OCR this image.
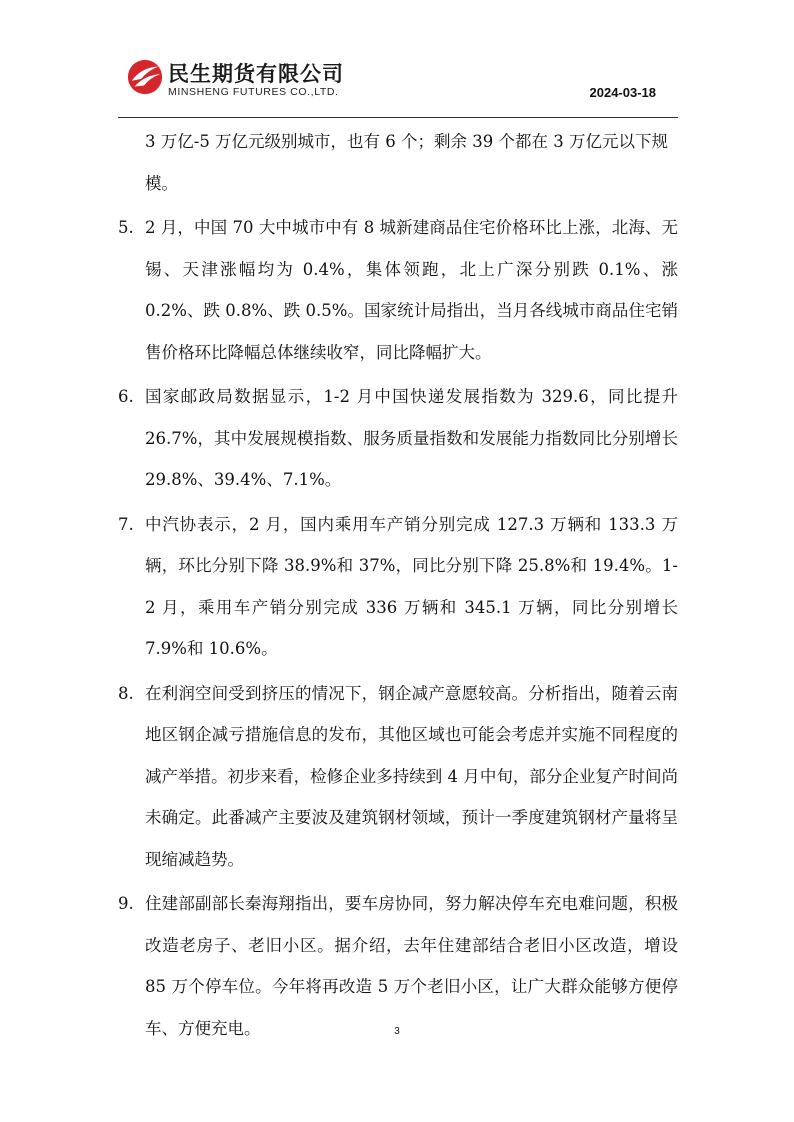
民生期货有限公司
MINSHENG FUTURES CO.,LTD.	2024-03-18

3 万亿-5 万亿元级别城市，也有 6 个；剩余 39 个都在 3 万亿元以下规模。

5. 2 月，中国 70 大中城市中有 8 城新建商品住宅价格环比上涨，北海、无锡、天津涨幅均为 0.4%，集体领跑，北上广深分别跌 0.1%、涨 0.2%、跌 0.8%、跌 0.5%。国家统计局指出，当月各线城市商品住宅销售价格环比降幅总体继续收窄，同比降幅扩大。

6. 国家邮政局数据显示，1-2 月中国快递发展指数为 329.6，同比提升 26.7%，其中发展规模指数、服务质量指数和发展能力指数同比分别增长 29.8%、39.4%、7.1%。

7. 中汽协表示，2 月，国内乘用车产销分别完成 127.3 万辆和 133.3 万辆，环比分别下降 38.9%和 37%，同比分别下降 25.8%和 19.4%。1-2 月，乘用车产销分别完成 336 万辆和 345.1 万辆，同比分别增长 7.9%和 10.6%。

8. 在利润空间受到挤压的情况下，钢企减产意愿较高。分析指出，随着云南地区钢企减亏措施信息的发布，其他区域也可能会考虑并实施不同程度的减产举措。初步来看，检修企业多持续到 4 月中旬，部分企业复产时间尚未确定。此番减产主要波及建筑钢材领域，预计一季度建筑钢材产量将呈现缩减趋势。

9. 住建部副部长秦海翔指出，要车房协同，努力解决停车充电难问题，积极改造老房子、老旧小区。据介绍，去年住建部结合老旧小区改造，增设 85 万个停车位。今年将再改造 5 万个老旧小区，让广大群众能够方便停车、方便充电。	3
